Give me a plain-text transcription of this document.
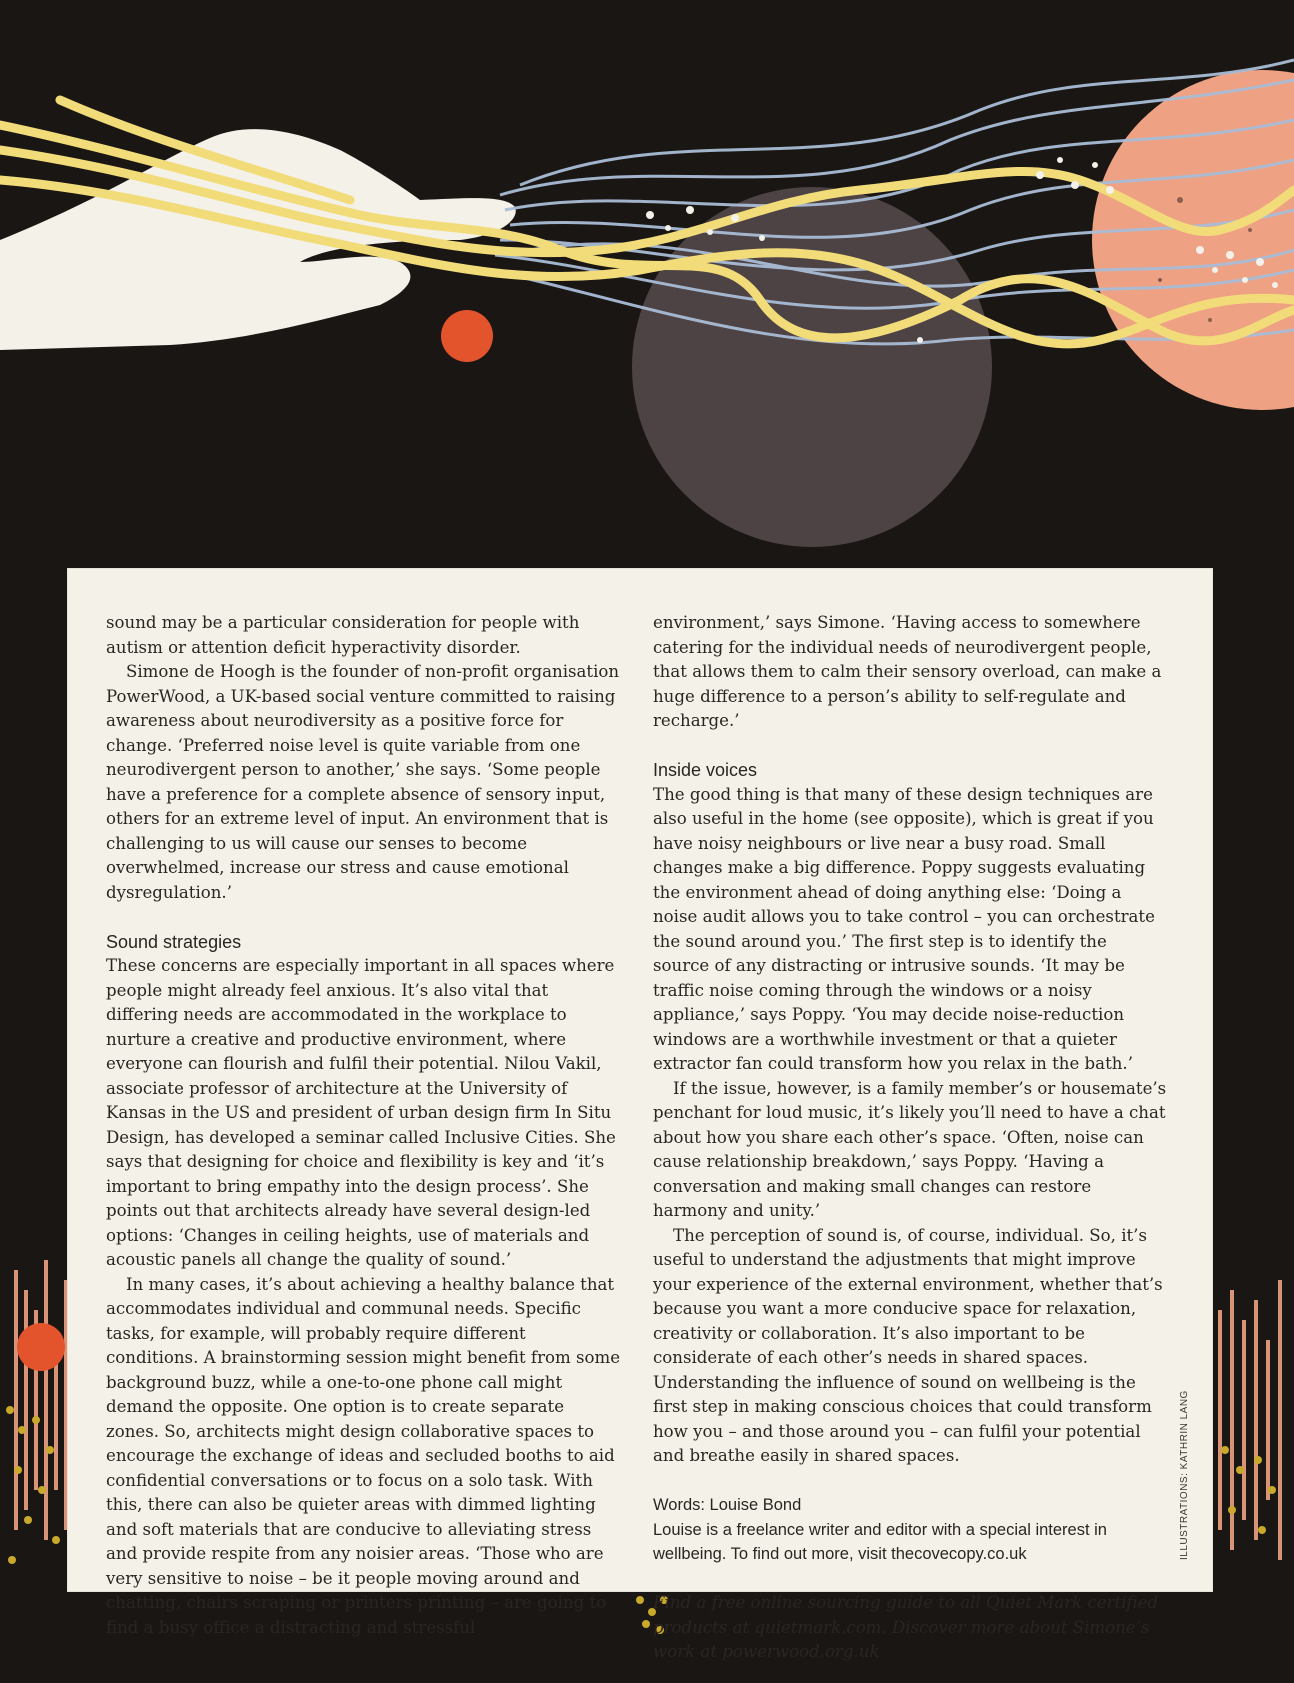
sound may be a particular consideration for people with autism or attention deficit hyperactivity disorder.

Simone de Hoogh is the founder of non-profit organisation PowerWood, a UK-based social venture committed to raising awareness about neurodiversity as a positive force for change. ‘Preferred noise level is quite variable from one neurodivergent person to another,’ she says. ‘Some people have a preference for a complete absence of sensory input, others for an extreme level of input. An environment that is challenging to us will cause our senses to become overwhelmed, increase our stress and cause emotional dysregulation.’

Sound strategies

These concerns are especially important in all spaces where people might already feel anxious. It’s also vital that differing needs are accommodated in the workplace to nurture a creative and productive environment, where everyone can flourish and fulfil their potential. Nilou Vakil, associate professor of architecture at the University of Kansas in the US and president of urban design firm In Situ Design, has developed a seminar called Inclusive Cities. She says that designing for choice and flexibility is key and ‘it’s important to bring empathy into the design process’. She points out that architects already have several design-led options: ‘Changes in ceiling heights, use of materials and acoustic panels all change the quality of sound.’

In many cases, it’s about achieving a healthy balance that accommodates individual and communal needs. Specific tasks, for example, will probably require different conditions. A brainstorming session might benefit from some background buzz, while a one-to-one phone call might demand the opposite. One option is to create separate zones. So, architects might design collaborative spaces to encourage the exchange of ideas and secluded booths to aid confidential conversations or to focus on a solo task. With this, there can also be quieter areas with dimmed lighting and soft materials that are conducive to alleviating stress and provide respite from any noisier areas. ‘Those who are very sensitive to noise – be it people moving around and chatting, chairs scraping or printers printing – are going to find a busy office a distracting and stressful

environment,’ says Simone. ‘Having access to somewhere catering for the individual needs of neurodivergent people, that allows them to calm their sensory overload, can make a huge difference to a person’s ability to self-regulate and recharge.’

Inside voices

The good thing is that many of these design techniques are also useful in the home (see opposite), which is great if you have noisy neighbours or live near a busy road. Small changes make a big difference. Poppy suggests evaluating the environment ahead of doing anything else: ‘Doing a noise audit allows you to take control – you can orchestrate the sound around you.’ The first step is to identify the source of any distracting or intrusive sounds. ‘It may be traffic noise coming through the windows or a noisy appliance,’ says Poppy. ‘You may decide noise-reduction windows are a worthwhile investment or that a quieter extractor fan could transform how you relax in the bath.’

If the issue, however, is a family member’s or housemate’s penchant for loud music, it’s likely you’ll need to have a chat about how you share each other’s space. ‘Often, noise can cause relationship breakdown,’ says Poppy. ‘Having a conversation and making small changes can restore harmony and unity.’

The perception of sound is, of course, individual. So, it’s useful to understand the adjustments that might improve your experience of the external environment, whether that’s because you want a more conducive space for relaxation, creativity or collaboration. It’s also important to be considerate of each other’s needs in shared spaces. Understanding the influence of sound on wellbeing is the first step in making conscious choices that could transform how you – and those around you – can fulfil your potential and breathe easily in shared spaces.

Words: Louise Bond

Louise is a freelance writer and editor with a special interest in wellbeing. To find out more, visit thecovecopy.co.uk

Find a free online sourcing guide to all Quiet Mark certified products at quietmark.com. Discover more about Simone’s work at powerwood.org.uk

ILLUSTRATIONS: KATHRIN LANG
